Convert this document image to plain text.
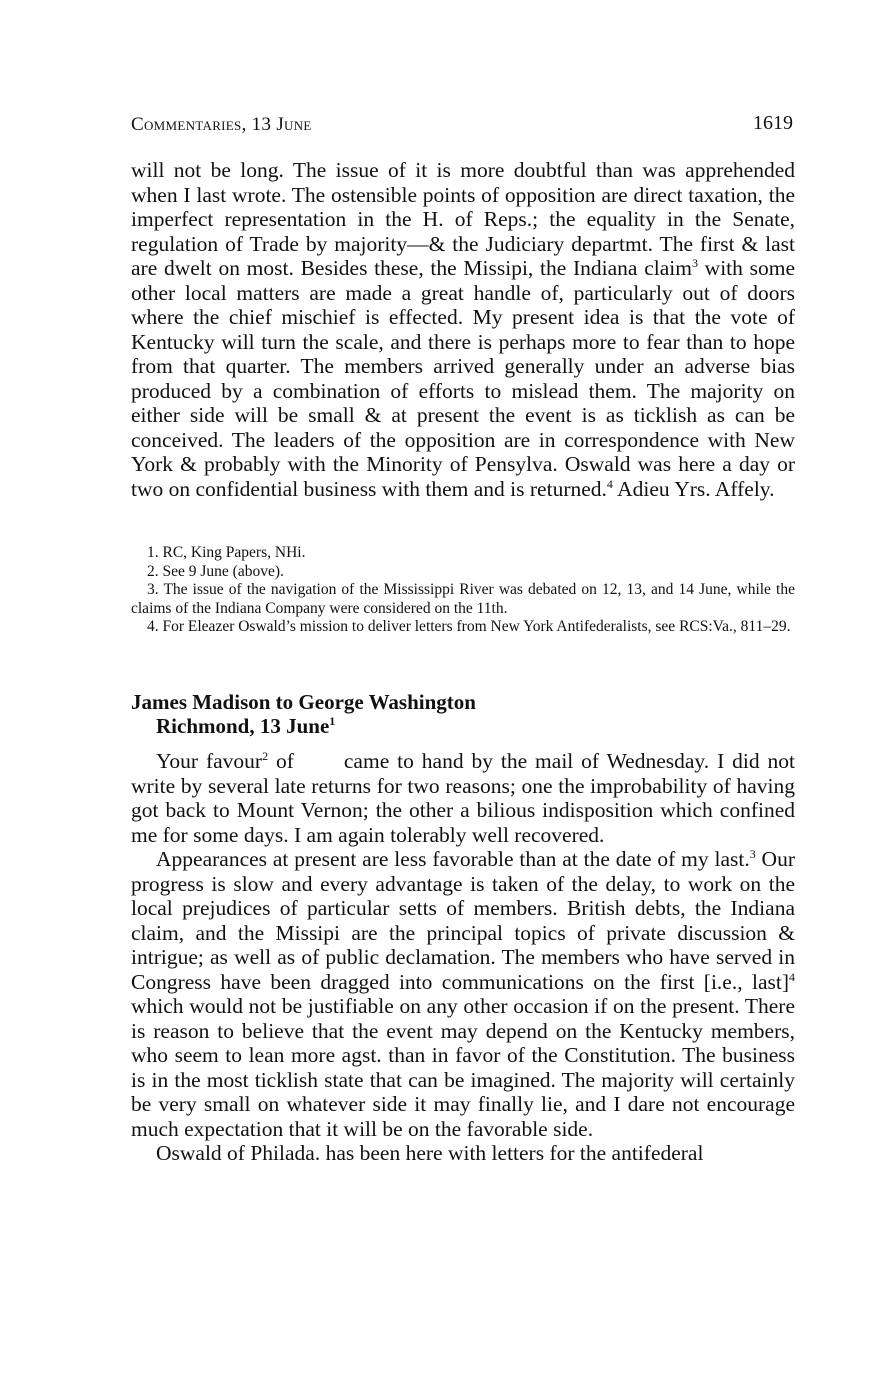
Commentaries, 13 June	1619

will not be long. The issue of it is more doubtful than was apprehended when I last wrote. The ostensible points of opposition are direct taxation, the imperfect representation in the H. of Reps.; the equality in the Senate, regulation of Trade by majority—& the Judiciary departmt. The first & last are dwelt on most. Besides these, the Missipi, the Indiana claim$^3$ with some other local matters are made a great handle of, particularly out of doors where the chief mischief is effected. My present idea is that the vote of Kentucky will turn the scale, and there is perhaps more to fear than to hope from that quarter. The members arrived generally under an adverse bias produced by a combination of efforts to mislead them. The majority on either side will be small & at present the event is as ticklish as can be conceived. The leaders of the opposition are in correspondence with New York & probably with the Minority of Pensylva. Oswald was here a day or two on confidential business with them and is returned.$^4$ Adieu Yrs. Affely.

1. RC, King Papers, NHi.

2. See 9 June (above).

3. The issue of the navigation of the Mississippi River was debated on 12, 13, and 14 June, while the claims of the Indiana Company were considered on the 11th.

4. For Eleazer Oswald’s mission to deliver letters from New York Antifederalists, see RCS:Va., 811–29.

James Madison to George Washington
Richmond, 13 June$^1$

Your favour$^2$ of came to hand by the mail of Wednesday. I did not write by several late returns for two reasons; one the improbability of having got back to Mount Vernon; the other a bilious indisposition which confined me for some days. I am again tolerably well recovered.

Appearances at present are less favorable than at the date of my last.$^3$ Our progress is slow and every advantage is taken of the delay, to work on the local prejudices of particular setts of members. British debts, the Indiana claim, and the Missipi are the principal topics of private discussion & intrigue; as well as of public declamation. The members who have served in Congress have been dragged into communications on the first [i.e., last]$^4$ which would not be justifiable on any other occasion if on the present. There is reason to believe that the event may depend on the Kentucky members, who seem to lean more agst. than in favor of the Constitution. The business is in the most ticklish state that can be imagined. The majority will certainly be very small on whatever side it may finally lie, and I dare not encourage much expectation that it will be on the favorable side.

Oswald of Philada. has been here with letters for the antifederal
